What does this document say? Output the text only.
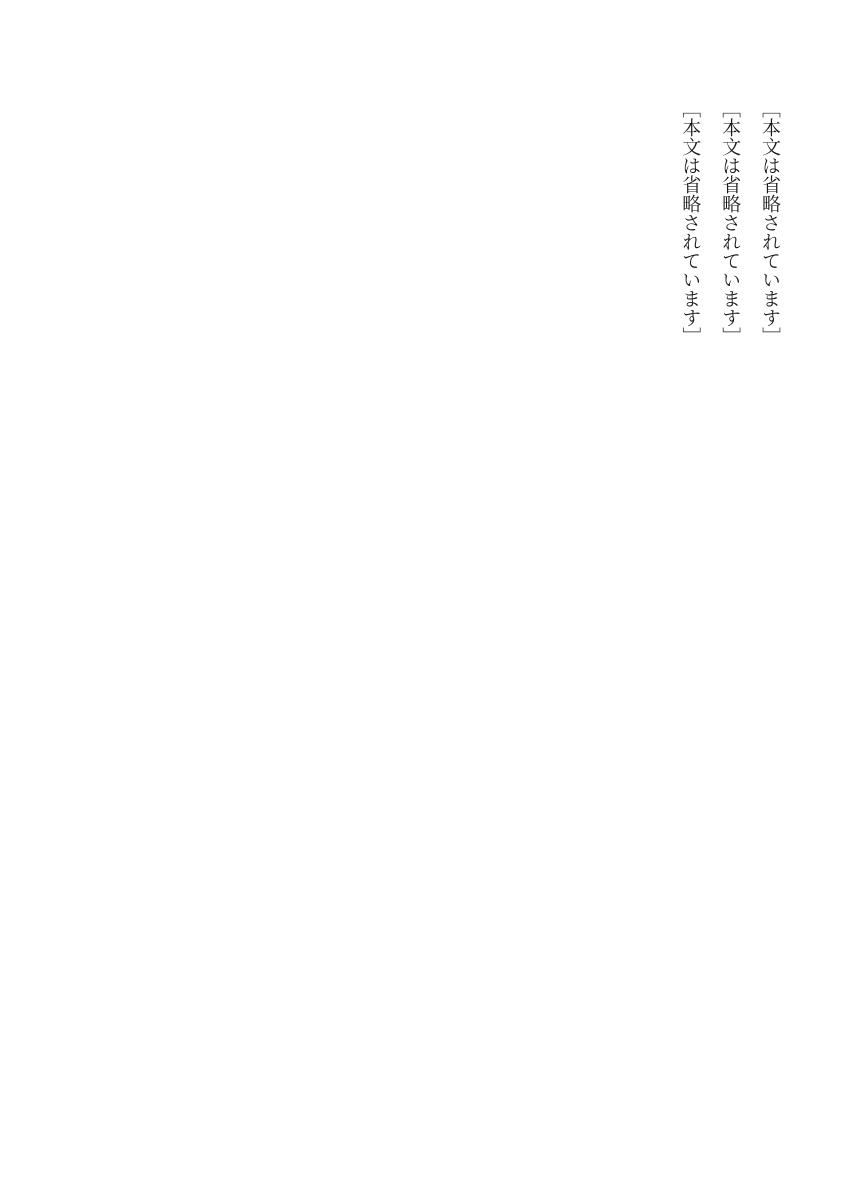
［本文は省略されています］

［本文は省略されています］

［本文は省略されています］
